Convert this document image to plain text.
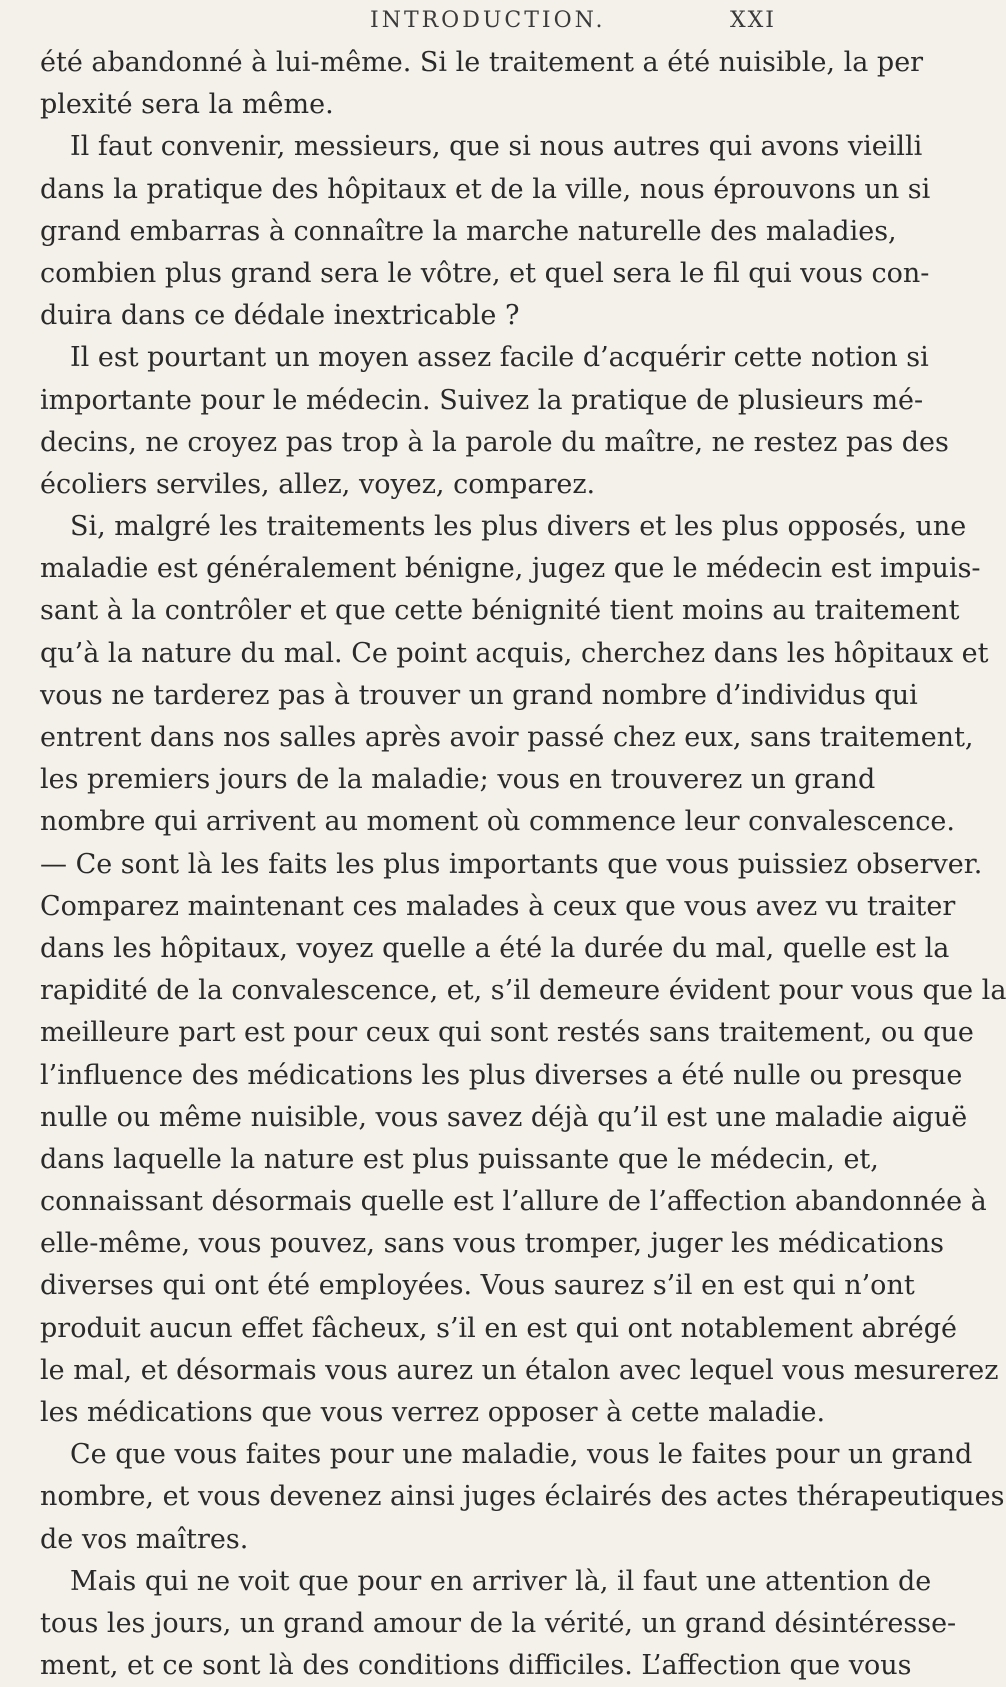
INTRODUCTION.	XXI
été abandonné à lui-même. Si le traitement a été nuisible, la per
plexité sera la même.
Il faut convenir, messieurs, que si nous autres qui avons vieilli
dans la pratique des hôpitaux et de la ville, nous éprouvons un si
grand embarras à connaître la marche naturelle des maladies,
combien plus grand sera le vôtre, et quel sera le fil qui vous con-
duira dans ce dédale inextricable ?
Il est pourtant un moyen assez facile d’acquérir cette notion si
importante pour le médecin. Suivez la pratique de plusieurs mé-
decins, ne croyez pas trop à la parole du maître, ne restez pas des
écoliers serviles, allez, voyez, comparez.
Si, malgré les traitements les plus divers et les plus opposés, une
maladie est généralement bénigne, jugez que le médecin est impuis-
sant à la contrôler et que cette bénignité tient moins au traitement
qu’à la nature du mal. Ce point acquis, cherchez dans les hôpitaux et
vous ne tarderez pas à trouver un grand nombre d’individus qui
entrent dans nos salles après avoir passé chez eux, sans traitement,
les premiers jours de la maladie; vous en trouverez un grand
nombre qui arrivent au moment où commence leur convalescence.
— Ce sont là les faits les plus importants que vous puissiez observer.
Comparez maintenant ces malades à ceux que vous avez vu traiter
dans les hôpitaux, voyez quelle a été la durée du mal, quelle est la
rapidité de la convalescence, et, s’il demeure évident pour vous que la
meilleure part est pour ceux qui sont restés sans traitement, ou que
l’influence des médications les plus diverses a été nulle ou presque
nulle ou même nuisible, vous savez déjà qu’il est une maladie aiguë
dans laquelle la nature est plus puissante que le médecin, et,
connaissant désormais quelle est l’allure de l’affection abandonnée à
elle-même, vous pouvez, sans vous tromper, juger les médications
diverses qui ont été employées. Vous saurez s’il en est qui n’ont
produit aucun effet fâcheux, s’il en est qui ont notablement abrégé
le mal, et désormais vous aurez un étalon avec lequel vous mesurerez
les médications que vous verrez opposer à cette maladie.
Ce que vous faites pour une maladie, vous le faites pour un grand
nombre, et vous devenez ainsi juges éclairés des actes thérapeutiques
de vos maîtres.
Mais qui ne voit que pour en arriver là, il faut une attention de
tous les jours, un grand amour de la vérité, un grand désintéresse-
ment, et ce sont là des conditions difficiles. L’affection que vous
